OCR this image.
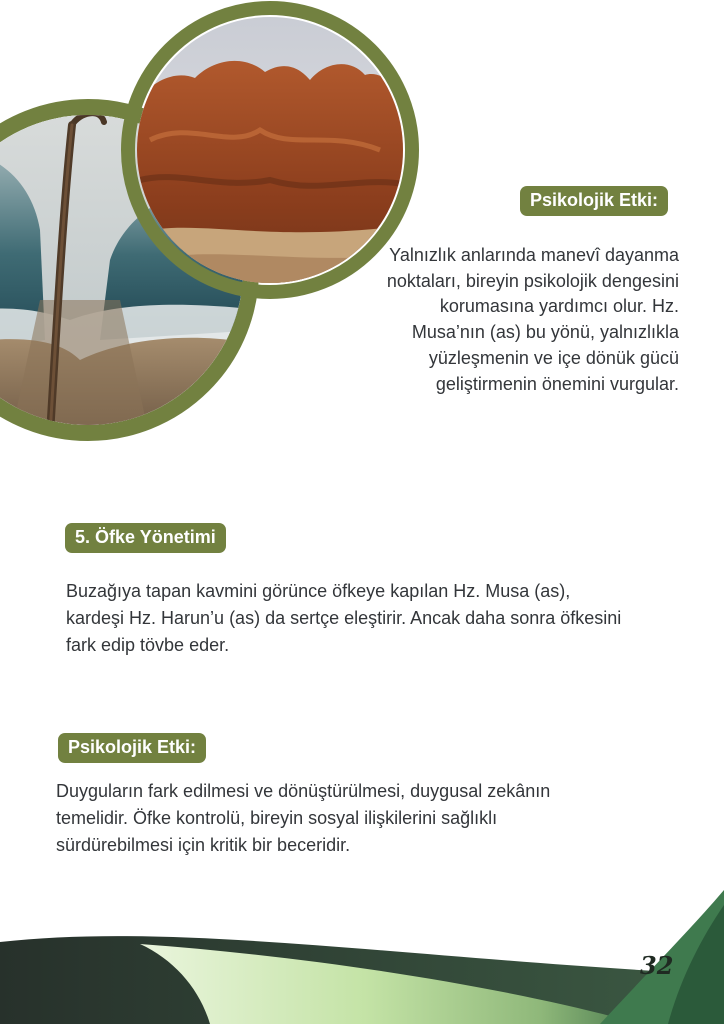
Psikolojik Etki:

Yalnızlık anlarında manevî dayanma noktaları, bireyin psikolojik dengesini korumasına yardımcı olur. Hz. Musa’nın (as) bu yönü, yalnızlıkla yüzleşmenin ve içe dönük gücü geliştirmenin önemini vurgular.

5. Öfke Yönetimi

Buzağıya tapan kavmini görünce öfkeye kapılan Hz. Musa (as), kardeşi Hz. Harun’u (as) da sertçe eleştirir. Ancak daha sonra öfkesini fark edip tövbe eder.

Psikolojik Etki:

Duyguların fark edilmesi ve dönüştürülmesi, duygusal zekânın temelidir. Öfke kontrolü, bireyin sosyal ilişkilerini sağlıklı sürdürebilmesi için kritik bir beceridir.

32
